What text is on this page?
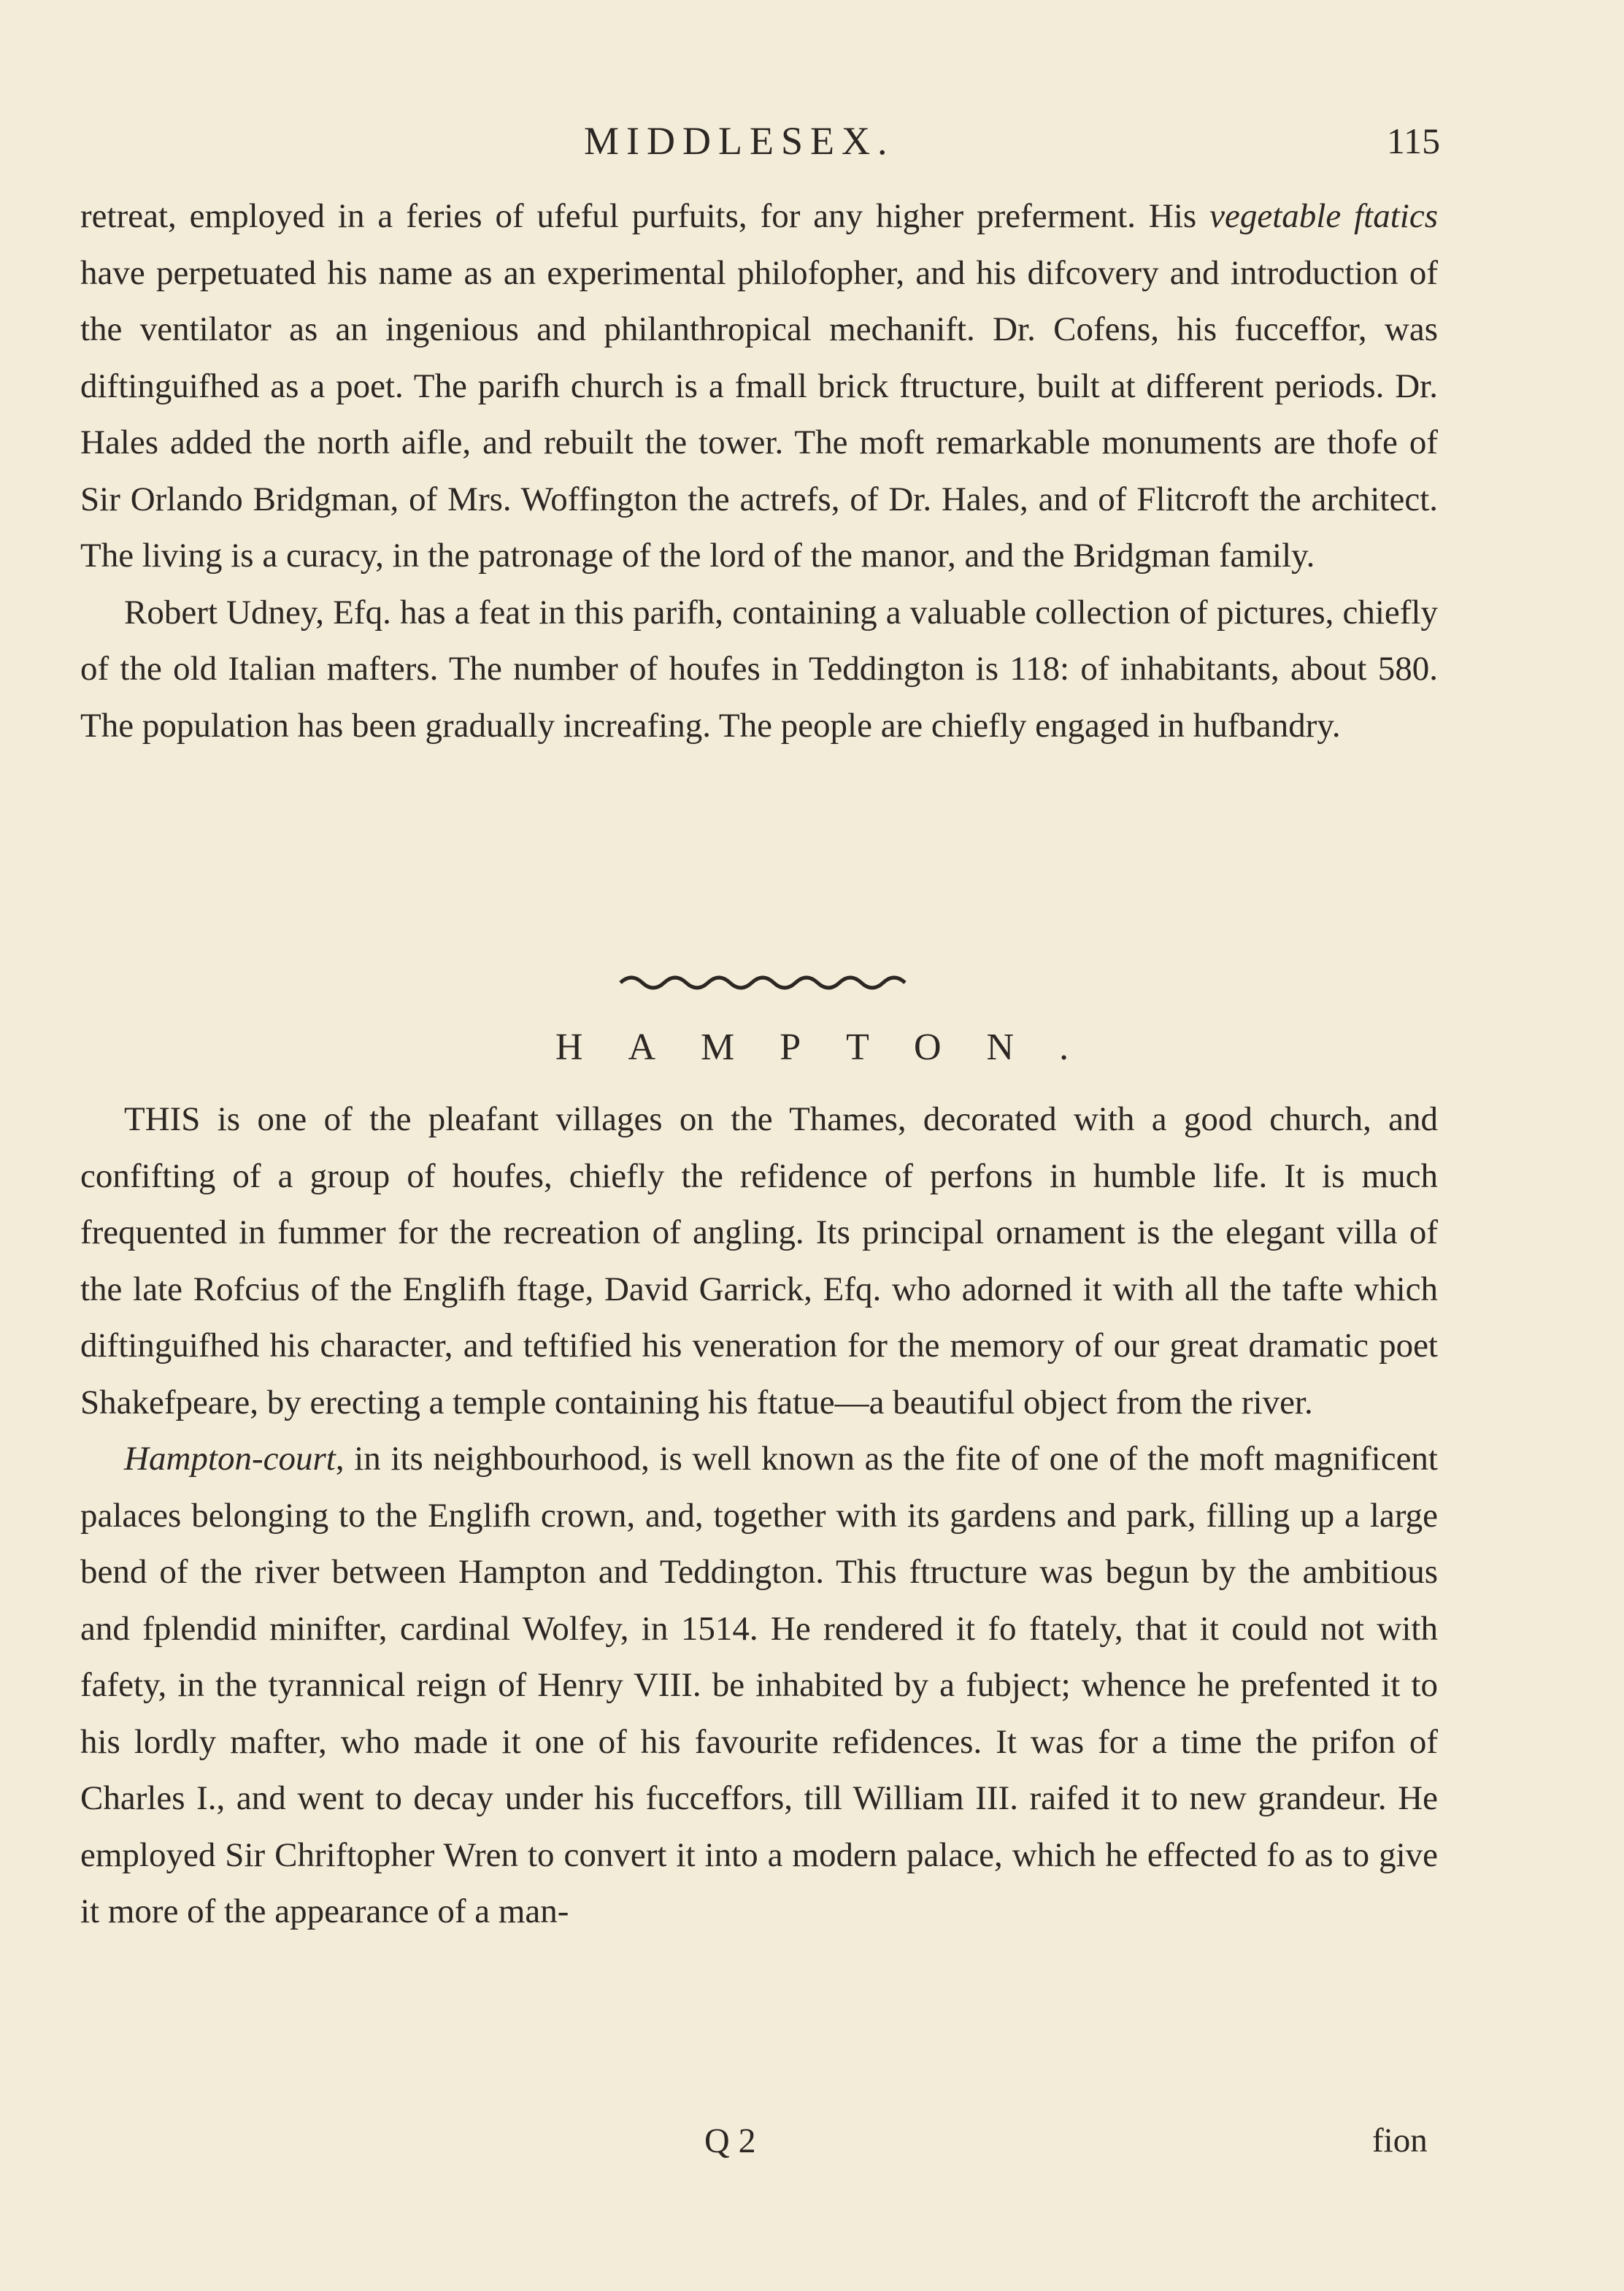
MIDDLESEX.	115

retreat, employed in a feries of ufeful purfuits, for any higher preferment. His vegetable ftatics have perpetuated his name as an experimental philofopher, and his difcovery and introduction of the ventilator as an ingenious and philanthropical mechanift. Dr. Cofens, his fucceffor, was diftinguifhed as a poet. The parifh church is a fmall brick ftructure, built at different periods. Dr. Hales added the north aifle, and rebuilt the tower. The moft remarkable monuments are thofe of Sir Orlando Bridgman, of Mrs. Woffington the actrefs, of Dr. Hales, and of Flitcroft the architect. The living is a curacy, in the patronage of the lord of the manor, and the Bridgman family.

Robert Udney, Efq. has a feat in this parifh, containing a valuable collection of pictures, chiefly of the old Italian mafters. The number of houfes in Teddington is 118: of inhabitants, about 580. The population has been gradually increafing. The people are chiefly engaged in hufbandry.

HAMPTON.

THIS is one of the pleafant villages on the Thames, decorated with a good church, and confifting of a group of houfes, chiefly the refidence of perfons in humble life. It is much frequented in fummer for the recreation of angling. Its principal ornament is the elegant villa of the late Rofcius of the Englifh ftage, David Garrick, Efq. who adorned it with all the tafte which diftinguifhed his character, and teftified his veneration for the memory of our great dramatic poet Shakefpeare, by erecting a temple containing his ftatue—a beautiful object from the river.

Hampton-court, in its neighbourhood, is well known as the fite of one of the moft magnificent palaces belonging to the Englifh crown, and, together with its gardens and park, filling up a large bend of the river between Hampton and Teddington. This ftructure was begun by the ambitious and fplendid minifter, cardinal Wolfey, in 1514. He rendered it fo ftately, that it could not with fafety, in the tyrannical reign of Henry VIII. be inhabited by a fubject; whence he prefented it to his lordly mafter, who made it one of his favourite refidences. It was for a time the prifon of Charles I., and went to decay under his fucceffors, till William III. raifed it to new grandeur. He employed Sir Chriftopher Wren to convert it into a modern palace, which he effected fo as to give it more of the appearance of a man-

Q 2	fion
